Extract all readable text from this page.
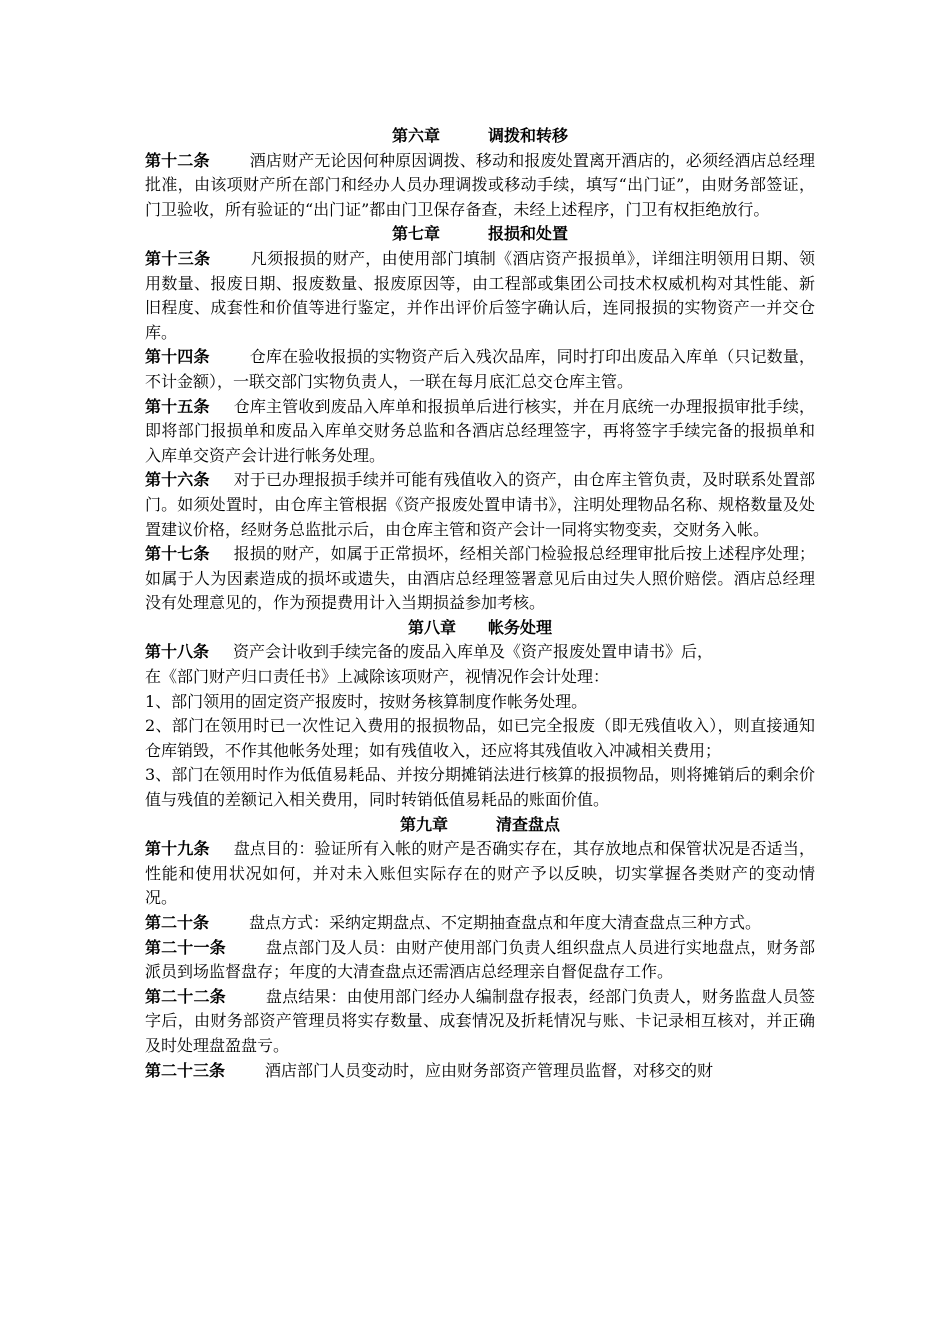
第六章　　　调拨和转移

第十二条	酒店财产无论因何种原因调拨、移动和报废处置离开酒店的，必须经酒店总经理批准，由该项财产所在部门和经办人员办理调拨或移动手续，填写“出门证”，由财务部签证，门卫验收，所有验证的“出门证”都由门卫保存备查，未经上述程序，门卫有权拒绝放行。

第七章　　　报损和处置

第十三条	凡须报损的财产，由使用部门填制《酒店资产报损单》，详细注明领用日期、领用数量、报废日期、报废数量、报废原因等，由工程部或集团公司技术权威机构对其性能、新旧程度、成套性和价值等进行鉴定，并作出评价后签字确认后，连同报损的实物资产一并交仓库。

第十四条	仓库在验收报损的实物资产后入残次品库，同时打印出废品入库单（只记数量，不计金额），一联交部门实物负责人，一联在每月底汇总交仓库主管。

第十五条 仓库主管收到废品入库单和报损单后进行核实，并在月底统一办理报损审批手续，即将部门报损单和废品入库单交财务总监和各酒店总经理签字，再将签字手续完备的报损单和入库单交资产会计进行帐务处理。

第十六条 对于已办理报损手续并可能有残值收入的资产，由仓库主管负责，及时联系处置部门。如须处置时，由仓库主管根据《资产报废处置申请书》，注明处理物品名称、规格数量及处置建议价格，经财务总监批示后，由仓库主管和资产会计一同将实物变卖，交财务入帐。

第十七条 报损的财产，如属于正常损坏，经相关部门检验报总经理审批后按上述程序处理；如属于人为因素造成的损坏或遗失，由酒店总经理签署意见后由过失人照价赔偿。酒店总经理没有处理意见的，作为预提费用计入当期损益参加考核。

第八章　　帐务处理

第十八条 资产会计收到手续完备的废品入库单及《资产报废处置申请书》后，
在《部门财产归口责任书》上减除该项财产，视情况作会计处理：

1、部门领用的固定资产报废时，按财务核算制度作帐务处理。

2、部门在领用时已一次性记入费用的报损物品，如已完全报废（即无残值收入），则直接通知仓库销毁，不作其他帐务处理；如有残值收入，还应将其残值收入冲减相关费用；

3、部门在领用时作为低值易耗品、并按分期摊销法进行核算的报损物品，则将摊销后的剩余价值与残值的差额记入相关费用，同时转销低值易耗品的账面价值。

第九章　　　清查盘点

第十九条 盘点目的：验证所有入帐的财产是否确实存在，其存放地点和保管状况是否适当，性能和使用状况如何，并对未入账但实际存在的财产予以反映，切实掌握各类财产的变动情况。

第二十条	盘点方式：采纳定期盘点、不定期抽查盘点和年度大清查盘点三种方式。

第二十一条	盘点部门及人员：由财产使用部门负责人组织盘点人员进行实地盘点，财务部派员到场监督盘存；年度的大清查盘点还需酒店总经理亲自督促盘存工作。

第二十二条	盘点结果：由使用部门经办人编制盘存报表，经部门负责人，财务监盘人员签字后，由财务部资产管理员将实存数量、成套情况及折耗情况与账、卡记录相互核对，并正确及时处理盘盈盘亏。

第二十三条	酒店部门人员变动时，应由财务部资产管理员监督，对移交的财
